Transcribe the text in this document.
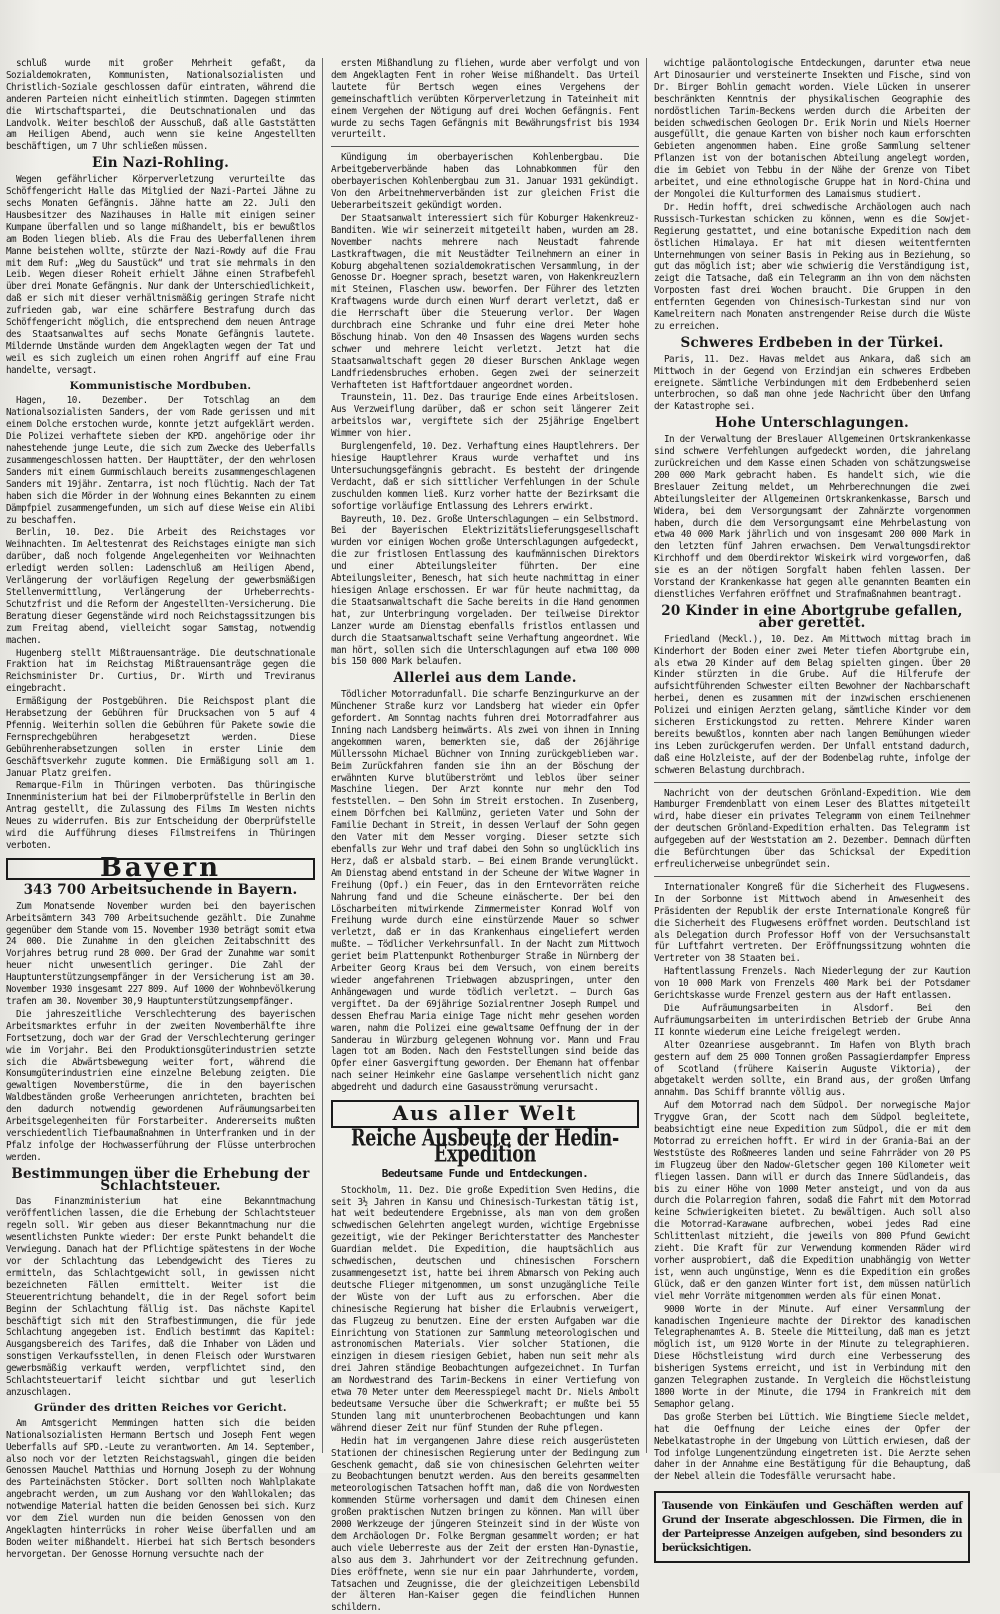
schluß wurde mit großer Mehrheit gefaßt, da Sozialdemokraten, Kommunisten, Nationalsozialisten und Christlich-Soziale geschlossen dafür eintraten, während die anderen Parteien nicht einheitlich stimmten. Dagegen stimmten die Wirtschaftspartei, die Deutschnationalen und das Landvolk. Weiter beschloß der Ausschuß, daß alle Gaststätten am Heiligen Abend, auch wenn sie keine Angestellten beschäftigen, um 7 Uhr schließen müssen.

Ein Nazi-Rohling.

Wegen gefährlicher Körperverletzung verurteilte das Schöffengericht Halle das Mitglied der Nazi-Partei Jähne zu sechs Monaten Gefängnis. Jähne hatte am 22. Juli den Hausbesitzer des Nazihauses in Halle mit einigen seiner Kumpane überfallen und so lange mißhandelt, bis er bewußtlos am Boden liegen blieb. Als die Frau des Ueberfallenen ihrem Manne beistehen wollte, stürzte der Nazi-Rowdy auf die Frau mit dem Ruf: „Weg du Saustück“ und trat sie mehrmals in den Leib. Wegen dieser Roheit erhielt Jähne einen Strafbefehl über drei Monate Gefängnis. Nur dank der Unterschiedlichkeit, daß er sich mit dieser verhältnismäßig geringen Strafe nicht zufrieden gab, war eine schärfere Bestrafung durch das Schöffengericht möglich, die entsprechend dem neuen Antrage des Staatsanwaltes auf sechs Monate Gefängnis lautete. Mildernde Umstände wurden dem Angeklagten wegen der Tat und weil es sich zugleich um einen rohen Angriff auf eine Frau handelte, versagt.

Kommunistische Mordbuben.

Hagen, 10. Dezember. Der Totschlag an dem Nationalsozialisten Sanders, der vom Rade gerissen und mit einem Dolche erstochen wurde, konnte jetzt aufgeklärt werden. Die Polizei verhaftete sieben der KPD. angehörige oder ihr nahestehende junge Leute, die sich zum Zwecke des Ueberfalls zusammengeschlossen hatten. Der Haupttäter, der den wehrlosen Sanders mit einem Gummischlauch bereits zusammengeschlagenen Sanders mit 19jähr. Zentarra, ist noch flüchtig. Nach der Tat haben sich die Mörder in der Wohnung eines Bekannten zu einem Dämpfpiel zusammengefunden, um sich auf diese Weise ein Alibi zu beschaffen.

Berlin, 10. Dez. Die Arbeit des Reichstages vor Weihnachten. Im Aeltestenrat des Reichstages einigte man sich darüber, daß noch folgende Angelegenheiten vor Weihnachten erledigt werden sollen: Ladenschluß am Heiligen Abend, Verlängerung der vorläufigen Regelung der gewerbsmäßigen Stellenvermittlung, Verlängerung der Urheberrechts-Schutzfrist und die Reform der Angestellten-Versicherung. Die Beratung dieser Gegenstände wird noch Reichstagssitzungen bis zum Freitag abend, vielleicht sogar Samstag, notwendig machen.

Hugenberg stellt Mißtrauensanträge. Die deutschnationale Fraktion hat im Reichstag Mißtrauensanträge gegen die Reichsminister Dr. Curtius, Dr. Wirth und Treviranus eingebracht.

Ermäßigung der Postgebühren. Die Reichspost plant die Herabsetzung der Gebühren für Drucksachen von 5 auf 4 Pfennig. Weiterhin sollen die Gebühren für Pakete sowie die Fernsprechgebühren herabgesetzt werden. Diese Gebührenherabsetzungen sollen in erster Linie dem Geschäftsverkehr zugute kommen. Die Ermäßigung soll am 1. Januar Platz greifen.

Remarque-Film in Thüringen verboten. Das thüringische Innenministerium hat bei der Filmoberprüfstelle in Berlin den Antrag gestellt, die Zulassung des Films Im Westen nichts Neues zu widerrufen. Bis zur Entscheidung der Oberprüfstelle wird die Aufführung dieses Filmstreifens in Thüringen verboten.

Bayern
343 700 Arbeitsuchende in Bayern.

Zum Monatsende November wurden bei den bayerischen Arbeitsämtern 343 700 Arbeitsuchende gezählt. Die Zunahme gegenüber dem Stande vom 15. November 1930 beträgt somit etwa 24 000. Die Zunahme in den gleichen Zeitabschnitt des Vorjahres betrug rund 28 000. Der Grad der Zunahme war somit heuer nicht unwesentlich geringer. Die Zahl der Hauptunterstützungsempfänger in der Versicherung ist am 30. November 1930 insgesamt 227 809. Auf 1000 der Wohnbevölkerung trafen am 30. November 30,9 Hauptunterstützungsempfänger.

Die jahreszeitliche Verschlechterung des bayerischen Arbeitsmarktes erfuhr in der zweiten Novemberhälfte ihre Fortsetzung, doch war der Grad der Verschlechterung geringer wie im Vorjahr. Bei den Produktionsgüterindustrien setzte sich die Abwärtsbewegung weiter fort, während die Konsumgüterindustrien eine einzelne Belebung zeigten. Die gewaltigen Novemberstürme, die in den bayerischen Waldbeständen große Verheerungen anrichteten, brachten bei den dadurch notwendig gewordenen Aufräumungsarbeiten Arbeitsgelegenheiten für Forstarbeiter. Andererseits mußten verschiedentlich Tiefbaumaßnahmen in Unterfranken und in der Pfalz infolge der Hochwasserführung der Flüsse unterbrochen werden.

Bestimmungen über die Erhebung der Schlachtsteuer.

Das Finanzministerium hat eine Bekanntmachung veröffentlichen lassen, die die Erhebung der Schlachtsteuer regeln soll. Wir geben aus dieser Bekanntmachung nur die wesentlichsten Punkte wieder: Der erste Punkt behandelt die Verwiegung. Danach hat der Pflichtige spätestens in der Woche vor der Schlachtung das Lebendgewicht des Tieres zu ermitteln, das Schlachtgewicht soll, in gewissen nicht bezeichneten Fällen ermittelt. Weiter ist die Steuerentrichtung behandelt, die in der Regel sofort beim Beginn der Schlachtung fällig ist. Das nächste Kapitel beschäftigt sich mit den Strafbestimmungen, die für jede Schlachtung angegeben ist. Endlich bestimmt das Kapitel: Ausgangsbereich des Tarifes, daß die Inhaber von Läden und sonstigen Verkaufsstellen, in denen Fleisch oder Wurstwaren gewerbsmäßig verkauft werden, verpflichtet sind, den Schlachtsteuertarif leicht sichtbar und gut leserlich anzuschlagen.

Gründer des dritten Reiches vor Gericht.

Am Amtsgericht Memmingen hatten sich die beiden Nationalsozialisten Hermann Bertsch und Joseph Fent wegen Ueberfalls auf SPD.-Leute zu verantworten. Am 14. September, also noch vor der letzten Reichstagswahl, gingen die beiden Genossen Mauchel Matthias und Hornung Joseph zu der Wohnung des Parteinächsten Stöcker. Dort sollten noch Wahlplakate angebracht werden, um zum Aushang vor den Wahllokalen; das notwendige Material hatten die beiden Genossen bei sich. Kurz vor dem Ziel wurden nun die beiden Genossen von den Angeklagten hinterrücks in roher Weise überfallen und am Boden weiter mißhandelt. Hierbei hat sich Bertsch besonders hervorgetan. Der Genosse Hornung versuchte nach der

ersten Mißhandlung zu fliehen, wurde aber verfolgt und von dem Angeklagten Fent in roher Weise mißhandelt. Das Urteil lautete für Bertsch wegen eines Vergehens der gemeinschaftlich verübten Körperverletzung in Tateinheit mit einem Vergehen der Nötigung auf drei Wochen Gefängnis. Fent wurde zu sechs Tagen Gefängnis mit Bewährungsfrist bis 1934 verurteilt.

Kündigung im oberbayerischen Kohlenbergbau. Die Arbeitgeberverbände haben das Lohnabkommen für den oberbayerischen Kohlenbergbau zum 31. Januar 1931 gekündigt. Von den Arbeitnehmerverbänden ist zur gleichen Frist die Ueberarbeitszeit gekündigt worden.

Der Staatsanwalt interessiert sich für Koburger Hakenkreuz-Banditen. Wie wir seinerzeit mitgeteilt haben, wurden am 28. November nachts mehrere nach Neustadt fahrende Lastkraftwagen, die mit Neustädter Teilnehmern an einer in Koburg abgehaltenen sozialdemokratischen Versammlung, in der Genosse Dr. Hoegner sprach, besetzt waren, von Hakenkreuzlern mit Steinen, Flaschen usw. beworfen. Der Führer des letzten Kraftwagens wurde durch einen Wurf derart verletzt, daß er die Herrschaft über die Steuerung verlor. Der Wagen durchbrach eine Schranke und fuhr eine drei Meter hohe Böschung hinab. Von den 40 Insassen des Wagens wurden sechs schwer und mehrere leicht verletzt. Jetzt hat die Staatsanwaltschaft gegen 20 dieser Burschen Anklage wegen Landfriedensbruches erhoben. Gegen zwei der seinerzeit Verhafteten ist Haftfortdauer angeordnet worden.

Traunstein, 11. Dez. Das traurige Ende eines Arbeitslosen. Aus Verzweiflung darüber, daß er schon seit längerer Zeit arbeitslos war, vergiftete sich der 25jährige Engelbert Wimmer von hier.

Burglengenfeld, 10. Dez. Verhaftung eines Hauptlehrers. Der hiesige Hauptlehrer Kraus wurde verhaftet und ins Untersuchungsgefängnis gebracht. Es besteht der dringende Verdacht, daß er sich sittlicher Verfehlungen in der Schule zuschulden kommen ließ. Kurz vorher hatte der Bezirksamt die sofortige vorläufige Entlassung des Lehrers erwirkt.

Bayreuth, 10. Dez. Große Unterschlagungen — ein Selbstmord. Bei der Bayerischen Elektrizitätslieferungsgesellschaft wurden vor einigen Wochen große Unterschlagungen aufgedeckt, die zur fristlosen Entlassung des kaufmännischen Direktors und einer Abteilungsleiter führten. Der eine Abteilungsleiter, Benesch, hat sich heute nachmittag in einer hiesigen Anlage erschossen. Er war für heute nachmittag, da die Staatsanwaltschaft die Sache bereits in die Hand genommen hat, zur Unterbringung vorgeladen. Der teilweise Direktor Lanzer wurde am Dienstag ebenfalls fristlos entlassen und durch die Staatsanwaltschaft seine Verhaftung angeordnet. Wie man hört, sollen sich die Unterschlagungen auf etwa 100 000 bis 150 000 Mark belaufen.

Allerlei aus dem Lande.

Tödlicher Motorradunfall. Die scharfe Benzingurkurve an der Münchener Straße kurz vor Landsberg hat wieder ein Opfer gefordert. Am Sonntag nachts fuhren drei Motorradfahrer aus Inning nach Landsberg heimwärts. Als zwei von ihnen in Inning angekommen waren, bemerkten sie, daß der 26jährige Müllerssohn Michael Büchner von Inning zurückgeblieben war. Beim Zurückfahren fanden sie ihn an der Böschung der erwähnten Kurve blutüberströmt und leblos über seiner Maschine liegen. Der Arzt konnte nur mehr den Tod feststellen. — Den Sohn im Streit erstochen. In Zusenberg, einem Dörfchen bei Kallmünz, gerieten Vater und Sohn der Familie Dechant in Streit, in dessen Verlauf der Sohn gegen den Vater mit dem Messer vorging. Dieser setzte sich ebenfalls zur Wehr und traf dabei den Sohn so unglücklich ins Herz, daß er alsbald starb. — Bei einem Brande verunglückt. Am Dienstag abend entstand in der Scheune der Witwe Wagner in Freihung (Opf.) ein Feuer, das in den Erntevorräten reiche Nahrung fand und die Scheune einäscherte. Der bei den Löscharbeiten mitwirkende Zimmermeister Konrad Wolf von Freihung wurde durch eine einstürzende Mauer so schwer verletzt, daß er in das Krankenhaus eingeliefert werden mußte. — Tödlicher Verkehrsunfall. In der Nacht zum Mittwoch geriet beim Plattenpunkt Rothenburger Straße in Nürnberg der Arbeiter Georg Kraus bei dem Versuch, von einem bereits wieder angefahrenen Triebwagen abzuspringen, unter den Anhängewagen und wurde tödlich verletzt. — Durch Gas vergiftet. Da der 69jährige Sozialrentner Joseph Rumpel und dessen Ehefrau Maria einige Tage nicht mehr gesehen worden waren, nahm die Polizei eine gewaltsame Oeffnung der in der Sanderau in Würzburg gelegenen Wohnung vor. Mann und Frau lagen tot am Boden. Nach den Feststellungen sind beide das Opfer einer Gasvergiftung geworden. Der Ehemann hat offenbar nach seiner Heimkehr eine Gaslampe versehentlich nicht ganz abgedreht und dadurch eine Gasausströmung verursacht.

Aus aller Welt
Reiche Ausbeute der Hedin-Expedition
Bedeutsame Funde und Entdeckungen.

Stockholm, 11. Dez. Die große Expedition Sven Hedins, die seit 3½ Jahren in Kansu und Chinesisch-Turkestan tätig ist, hat weit bedeutendere Ergebnisse, als man von dem großen schwedischen Gelehrten angelegt wurden, wichtige Ergebnisse gezeitigt, wie der Pekinger Berichterstatter des Manchester Guardian meldet. Die Expedition, die hauptsächlich aus schwedischen, deutschen und chinesischen Forschern zusammengesetzt ist, hatte bei ihrem Abmarsch von Peking auch deutsche Flieger mitgenommen, um sonst unzugängliche Teile der Wüste von der Luft aus zu erforschen. Aber die chinesische Regierung hat bisher die Erlaubnis verweigert, das Flugzeug zu benutzen. Eine der ersten Aufgaben war die Einrichtung von Stationen zur Sammlung meteorologischen und astronomischen Materials. Vier solcher Stationen, die einzigen in diesem riesigen Gebiet, haben nun seit mehr als drei Jahren ständige Beobachtungen aufgezeichnet. In Turfan am Nordwestrand des Tarim-Beckens in einer Vertiefung von etwa 70 Meter unter dem Meeresspiegel macht Dr. Niels Ambolt bedeutsame Versuche über die Schwerkraft; er mußte bei 55 Stunden lang mit ununterbrochenen Beobachtungen und kann während dieser Zeit nur fünf Stunden der Ruhe pflegen.

Hedin hat im vergangenen Jahre diese reich ausgerüsteten Stationen der chinesischen Regierung unter der Bedingung zum Geschenk gemacht, daß sie von chinesischen Gelehrten weiter zu Beobachtungen benutzt werden. Aus den bereits gesammelten meteorologischen Tatsachen hofft man, daß die von Nordwesten kommenden Stürme vorhersagen und damit dem Chinesen einen großen praktischen Nutzen bringen zu können. Man will über 2000 Werkzeuge der jüngeren Steinzeit sind in der Wüste von dem Archäologen Dr. Folke Bergman gesammelt worden; er hat auch viele Ueberreste aus der Zeit der ersten Han-Dynastie, also aus dem 3. Jahrhundert vor der Zeitrechnung gefunden. Dies eröffnete, wenn sie nur ein paar Jahrhunderte, vordem, Tatsachen und Zeugnisse, die der gleichzeitigen Lebensbild der älteren Han-Kaiser gegen die feindlichen Hunnen schildern.

wichtige paläontologische Entdeckungen, darunter etwa neue Art Dinosaurier und versteinerte Insekten und Fische, sind von Dr. Birger Bohlin gemacht worden. Viele Lücken in unserer beschränkten Kenntnis der physikalischen Geographie des nordöstlichen Tarim-Beckens werden durch die Arbeiten der beiden schwedischen Geologen Dr. Erik Norin und Niels Hoerner ausgefüllt, die genaue Karten von bisher noch kaum erforschten Gebieten angenommen haben. Eine große Sammlung seltener Pflanzen ist von der botanischen Abteilung angelegt worden, die im Gebiet von Tebbu in der Nähe der Grenze von Tibet arbeitet, und eine ethnologische Gruppe hat in Nord-China und der Mongolei die Kulturformen des Lamaismus studiert.

Dr. Hedin hofft, drei schwedische Archäologen auch nach Russisch-Turkestan schicken zu können, wenn es die Sowjet-Regierung gestattet, und eine botanische Expedition nach dem östlichen Himalaya. Er hat mit diesen weitentfernten Unternehmungen von seiner Basis in Peking aus in Beziehung, so gut das möglich ist; aber wie schwierig die Verständigung ist, zeigt die Tatsache, daß ein Telegramm an ihn von dem nächsten Vorposten fast drei Wochen braucht. Die Gruppen in den entfernten Gegenden von Chinesisch-Turkestan sind nur von Kamelreitern nach Monaten anstrengender Reise durch die Wüste zu erreichen.

Schweres Erdbeben in der Türkei.

Paris, 11. Dez. Havas meldet aus Ankara, daß sich am Mittwoch in der Gegend von Erzindjan ein schweres Erdbeben ereignete. Sämtliche Verbindungen mit dem Erdbebenherd seien unterbrochen, so daß man ohne jede Nachricht über den Umfang der Katastrophe sei.

Hohe Unterschlagungen.

In der Verwaltung der Breslauer Allgemeinen Ortskrankenkasse sind schwere Verfehlungen aufgedeckt worden, die jahrelang zurückreichen und dem Kasse einen Schaden von schätzungsweise 200 000 Mark gebracht haben. Es handelt sich, wie die Breslauer Zeitung meldet, um Mehrberechnungen die zwei Abteilungsleiter der Allgemeinen Ortskrankenkasse, Barsch und Widera, bei dem Versorgungsamt der Zahnärzte vorgenommen haben, durch die dem Versorgungsamt eine Mehrbelastung von etwa 40 000 Mark jährlich und von insgesamt 200 000 Mark in den letzten fünf Jahren erwachsen. Dem Verwaltungsdirektor Kirchhoff und dem Oberdirektor Wiskeirk wird vorgeworfen, daß sie es an der nötigen Sorgfalt haben fehlen lassen. Der Vorstand der Krankenkasse hat gegen alle genannten Beamten ein dienstliches Verfahren eröffnet und Strafmaßnahmen beantragt.

20 Kinder in eine Abortgrube gefallen, aber gerettet.

Friedland (Meckl.), 10. Dez. Am Mittwoch mittag brach im Kinderhort der Boden einer zwei Meter tiefen Abortgrube ein, als etwa 20 Kinder auf dem Belag spielten gingen. Über 20 Kinder stürzten in die Grube. Auf die Hilferufe der aufsichtführenden Schwester eilten Bewohner der Nachbarschaft herbei, denen es zusammen mit der inzwischen erschienenen Polizei und einigen Aerzten gelang, sämtliche Kinder vor dem sicheren Erstickungstod zu retten. Mehrere Kinder waren bereits bewußtlos, konnten aber nach langen Bemühungen wieder ins Leben zurückgerufen werden. Der Unfall entstand dadurch, daß eine Holzleiste, auf der der Bodenbelag ruhte, infolge der schweren Belastung durchbrach.

Nachricht von der deutschen Grönland-Expedition. Wie dem Hamburger Fremdenblatt von einem Leser des Blattes mitgeteilt wird, habe dieser ein privates Telegramm von einem Teilnehmer der deutschen Grönland-Expedition erhalten. Das Telegramm ist aufgegeben auf der Weststation am 2. Dezember. Demnach dürften die Befürchtungen über das Schicksal der Expedition erfreulicherweise unbegründet sein.

Internationaler Kongreß für die Sicherheit des Flugwesens. In der Sorbonne ist Mittwoch abend in Anwesenheit des Präsidenten der Republik der erste Internationale Kongreß für die Sicherheit des Flugwesens eröffnet worden. Deutschland ist als Delegation durch Professor Hoff von der Versuchsanstalt für Luftfahrt vertreten. Der Eröffnungssitzung wohnten die Vertreter von 38 Staaten bei.

Haftentlassung Frenzels. Nach Niederlegung der zur Kaution von 10 000 Mark von Frenzels 400 Mark bei der Potsdamer Gerichtskasse wurde Frenzel gestern aus der Haft entlassen.

Die Aufräumungsarbeiten in Alsdorf. Bei den Aufräumungsarbeiten im unterirdischen Betrieb der Grube Anna II konnte wiederum eine Leiche freigelegt werden.

Alter Ozeanriese ausgebrannt. Im Hafen von Blyth brach gestern auf dem 25 000 Tonnen großen Passagierdampfer Empress of Scotland (frühere Kaiserin Auguste Viktoria), der abgetakelt werden sollte, ein Brand aus, der großen Umfang annahm. Das Schiff brannte völlig aus.

Auf dem Motorrad nach dem Südpol. Der norwegische Major Tryggve Gran, der Scott nach dem Südpol begleitete, beabsichtigt eine neue Expedition zum Südpol, die er mit dem Motorrad zu erreichen hofft. Er wird in der Grania-Bai an der Weststüste des Roßmeeres landen und seine Fahrräder von 20 PS im Flugzeug über den Nadow-Gletscher gegen 100 Kilometer weit fliegen lassen. Dann will er durch das Innere Südlandeis, das bis zu einer Höhe von 1000 Meter ansteigt, und von da aus durch die Polarregion fahren, sodaß die Fahrt mit dem Motorrad keine Schwierigkeiten bietet. Zu bewältigen. Auch soll also die Motorrad-Karawane aufbrechen, wobei jedes Rad eine Schlittenlast mitzieht, die jeweils von 800 Pfund Gewicht zieht. Die Kraft für zur Verwendung kommenden Räder wird vorher ausprobiert, daß die Expedition unabhängig von Wetter ist, wenn auch ungünstige, Wenn es die Expedition ein großes Glück, daß er den ganzen Winter fort ist, dem müssen natürlich viel mehr Vorräte mitgenommen werden als für einen Monat.

9000 Worte in der Minute. Auf einer Versammlung der kanadischen Ingenieure machte der Direktor des kanadischen Telegraphenamtes A. B. Steele die Mitteilung, daß man es jetzt möglich ist, um 9120 Worte in der Minute zu telegraphieren. Diese Höchstleistung wird durch eine Verbesserung des bisherigen Systems erreicht, und ist in Verbindung mit den ganzen Telegraphen zustande. In Vergleich die Höchstleistung 1800 Worte in der Minute, die 1794 in Frankreich mit dem Semaphor gelang.

Das große Sterben bei Lüttich. Wie Bingtieme Siecle meldet, hat die Oeffnung der Leiche eines der Opfer der Nebelkatastrophe in der Umgebung von Lüttich erwiesen, daß der Tod infolge Lungenentzündung eingetreten ist. Die Aerzte sehen daher in der Annahme eine Bestätigung für die Behauptung, daß der Nebel allein die Todesfälle verursacht habe.

Tausende von Einkäufen und Geschäften werden auf Grund der Inserate abgeschlossen. Die Firmen, die in der Parteipresse Anzeigen aufgeben, sind besonders zu berücksichtigen.
